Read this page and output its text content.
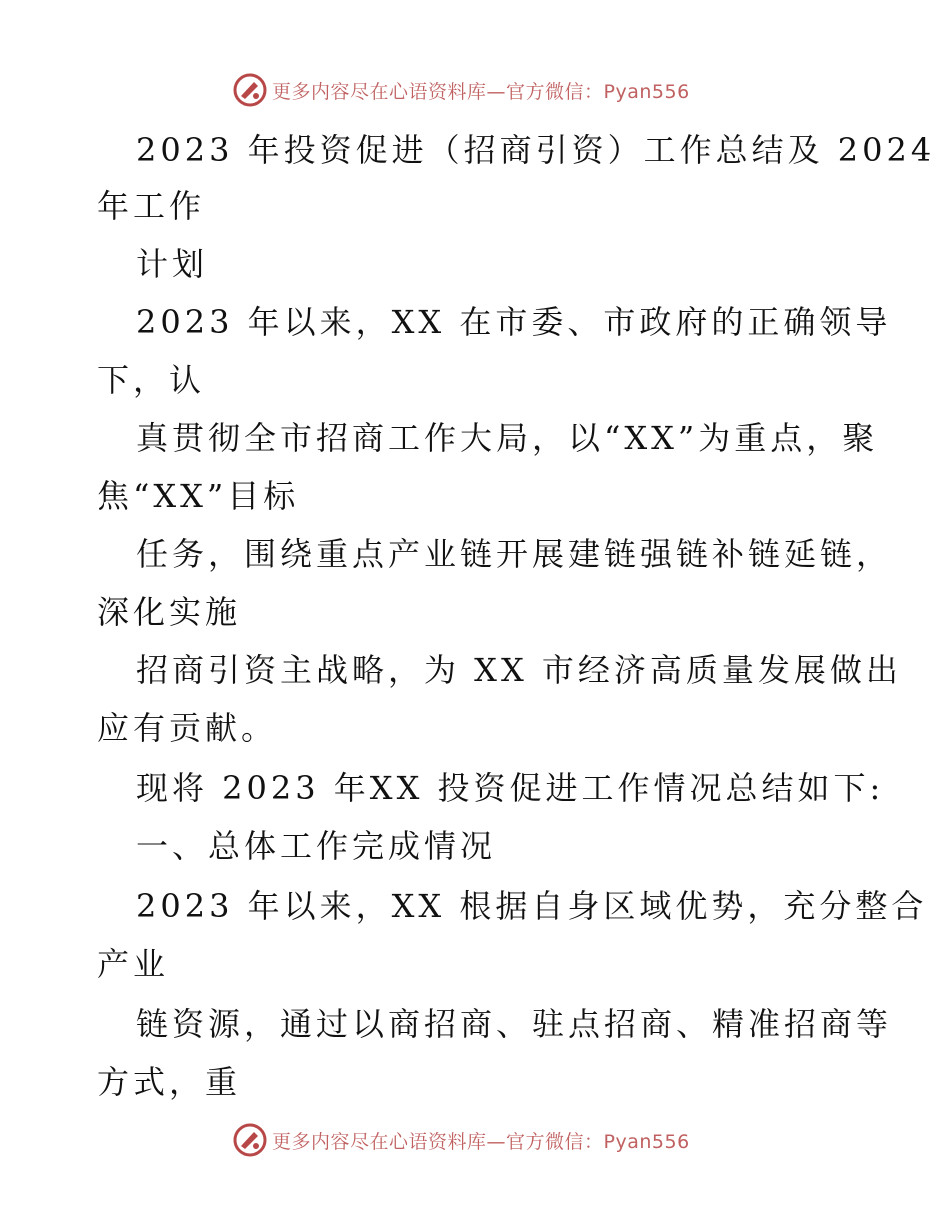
更多内容尽在心语资料库—官方微信：Pyan556
2023 年投资促进（招商引资）工作总结及 2024
年工作
计划
2023 年以来，XX 在市委、市政府的正确领导
下，认
真贯彻全市招商工作大局，以“XX”为重点，聚
焦“XX”目标
任务，围绕重点产业链开展建链强链补链延链，
深化实施
招商引资主战略，为 XX 市经济高质量发展做出
应有贡献。
现将 2023 年XX 投资促进工作情况总结如下:
一、总体工作完成情况
2023 年以来，XX 根据自身区域优势，充分整合
产业
链资源，通过以商招商、驻点招商、精准招商等
方式，重
更多内容尽在心语资料库—官方微信：Pyan556
